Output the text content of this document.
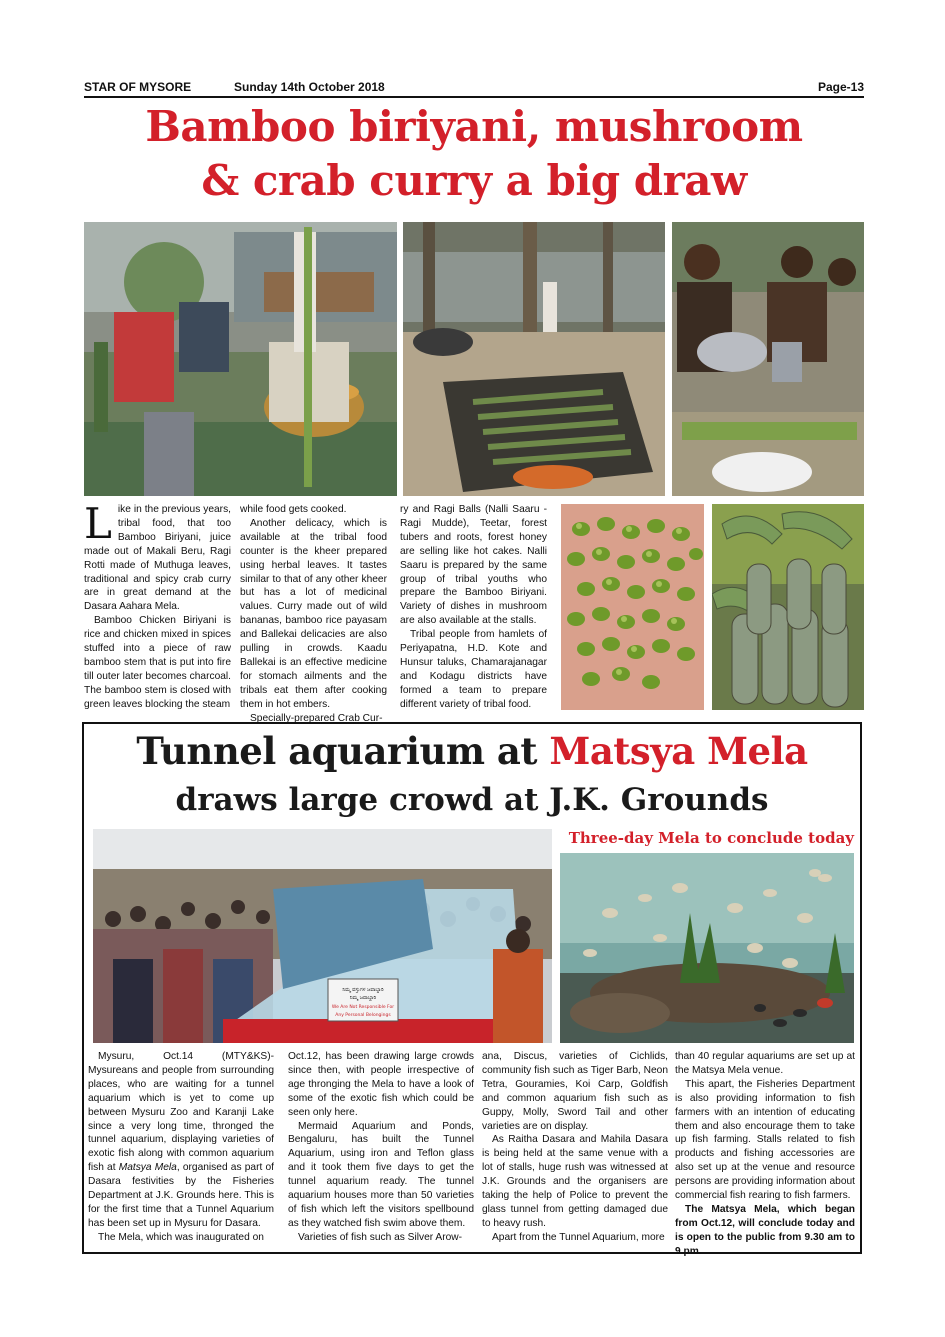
STAR OF MYSORE	Sunday 14th October 2018	Page-13
Bamboo biriyani, mushroom
& crab curry a big draw

Like in the previous years, tribal food, that too Bamboo Biriyani, juice made out of Makali Beru, Ragi Rotti made of Muthuga leaves, traditional and spicy crab curry are in great demand at the Dasara Aahara Mela.

Bamboo Chicken Biriyani is rice and chicken mixed in spices stuffed into a piece of raw bamboo stem that is put into fire till outer later becomes charcoal. The bamboo stem is closed with green leaves blocking the steam

while food gets cooked.

Another delicacy, which is available at the tribal food counter is the kheer prepared using herbal leaves. It tastes similar to that of any other kheer but has a lot of medicinal values. Curry made out of wild bananas, bamboo rice payasam and Ballekai delicacies are also pulling in crowds. Kaadu Ballekai is an effective medicine for stomach ailments and the tribals eat them after cooking them in hot embers.

Specially-prepared Crab Cur-

ry and Ragi Balls (Nalli Saaru - Ragi Mudde), Teetar, forest tubers and roots, forest honey are selling like hot cakes. Nalli Saaru is prepared by the same group of tribal youths who prepare the Bamboo Biriyani. Variety of dishes in mushroom are also available at the stalls.

Tribal people from hamlets of Periyapatna, H.D. Kote and Hunsur taluks, Chamarajanagar and Kodagu districts have formed a team to prepare different variety of tribal food.

Tunnel aquarium at Matsya Mela
draws large crowd at J.K. Grounds
Three-day Mela to conclude today
ನಿಮ್ಮ ವಸ್ತುಗಳ ಜವಾಬ್ದಾರಿ
ನಿಮ್ಮ ಜವಾಬ್ದಾರಿ
We Are Not Responsible For
Any Personal Belongings

Mysuru, Oct.14 (MTY&KS)- Mysureans and people from surrounding places, who are waiting for a tunnel aquarium which is yet to come up between Mysuru Zoo and Karanji Lake since a very long time, thronged the tunnel aquarium, displaying varieties of exotic fish along with common aquarium fish at Matsya Mela, organised as part of Dasara festivities by the Fisheries Department at J.K. Grounds here. This is for the first time that a Tunnel Aquarium has been set up in Mysuru for Dasara.

The Mela, which was inaugurated on

Oct.12, has been drawing large crowds since then, with people irrespective of age thronging the Mela to have a look of some of the exotic fish which could be seen only here.

Mermaid Aquarium and Ponds, Bengaluru, has built the Tunnel Aquarium, using iron and Teflon glass and it took them five days to get the tunnel aquarium ready. The tunnel aquarium houses more than 50 varieties of fish which left the visitors spellbound as they watched fish swim above them.

Varieties of fish such as Silver Arow-

ana, Discus, varieties of Cichlids, community fish such as Tiger Barb, Neon Tetra, Gouramies, Koi Carp, Goldfish and common aquarium fish such as Guppy, Molly, Sword Tail and other varieties are on display.

As Raitha Dasara and Mahila Dasara is being held at the same venue with a lot of stalls, huge rush was witnessed at J.K. Grounds and the organisers are taking the help of Police to prevent the glass tunnel from getting damaged due to heavy rush.

Apart from the Tunnel Aquarium, more

than 40 regular aquariums are set up at the Matsya Mela venue.

This apart, the Fisheries Department is also providing information to fish farmers with an intention of educating them and also encourage them to take up fish farming. Stalls related to fish products and fishing accessories are also set up at the venue and resource persons are providing information about commercial fish rearing to fish farmers.

The Matsya Mela, which began from Oct.12, will conclude today and is open to the public from 9.30 am to 9 pm.
